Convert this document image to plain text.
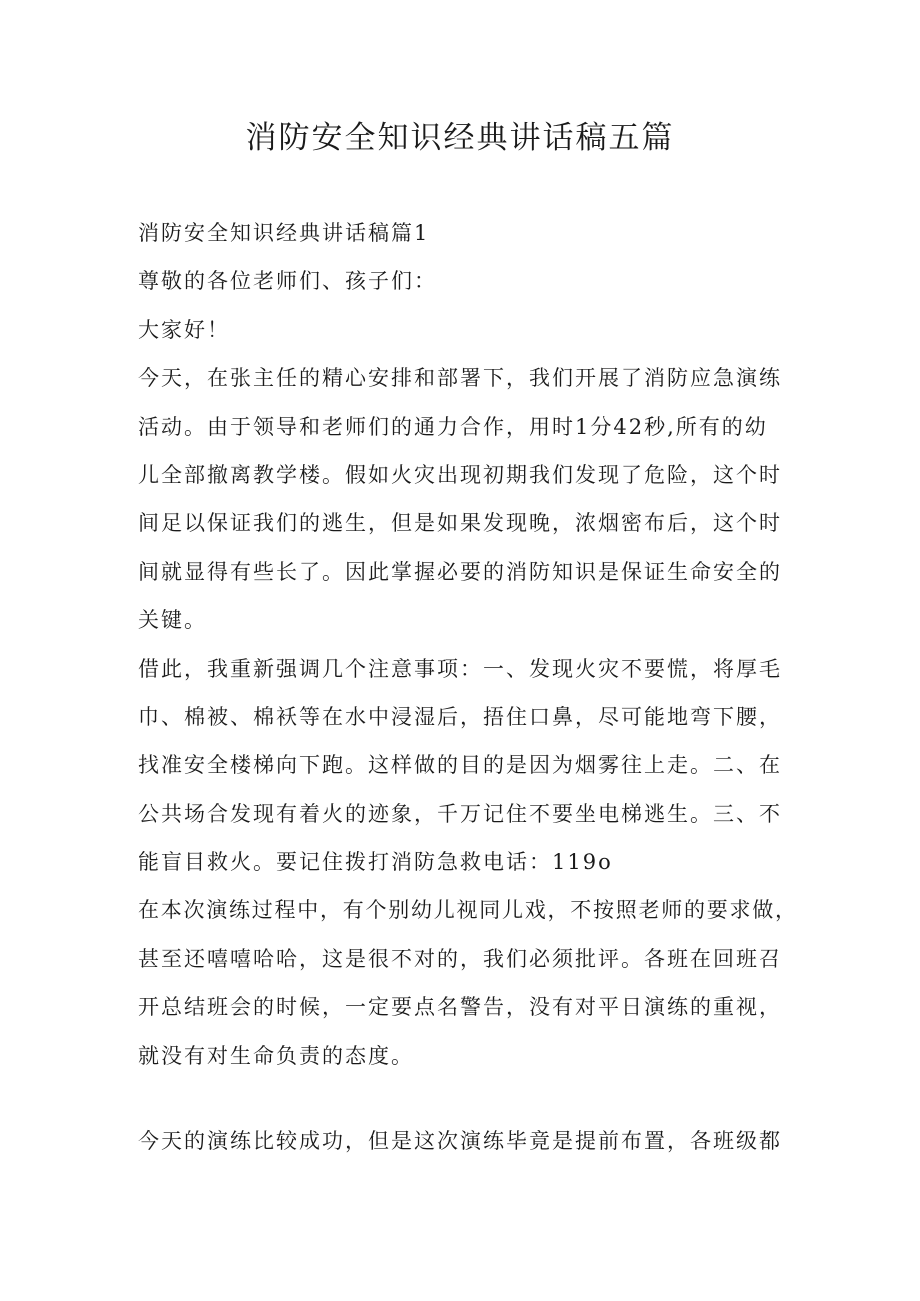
消防安全知识经典讲话稿五篇
消防安全知识经典讲话稿篇1
尊敬的各位老师们、孩子们：
大家好！
今天，在张主任的精心安排和部署下，我们开展了消防应急演练
活动。由于领导和老师们的通力合作，用时1分42秒,所有的幼
儿全部撤离教学楼。假如火灾出现初期我们发现了危险，这个时
间足以保证我们的逃生，但是如果发现晚，浓烟密布后，这个时
间就显得有些长了。因此掌握必要的消防知识是保证生命安全的
关键。
借此，我重新强调几个注意事项：一、发现火灾不要慌，将厚毛
巾、棉被、棉袄等在水中浸湿后，捂住口鼻，尽可能地弯下腰，
找准安全楼梯向下跑。这样做的目的是因为烟雾往上走。二、在
公共场合发现有着火的迹象，千万记住不要坐电梯逃生。三、不
能盲目救火。要记住拨打消防急救电话：119o
在本次演练过程中，有个别幼儿视同儿戏，不按照老师的要求做，
甚至还嘻嘻哈哈，这是很不对的，我们必须批评。各班在回班召
开总结班会的时候，一定要点名警告，没有对平日演练的重视，
就没有对生命负责的态度。
今天的演练比较成功，但是这次演练毕竟是提前布置，各班级都
